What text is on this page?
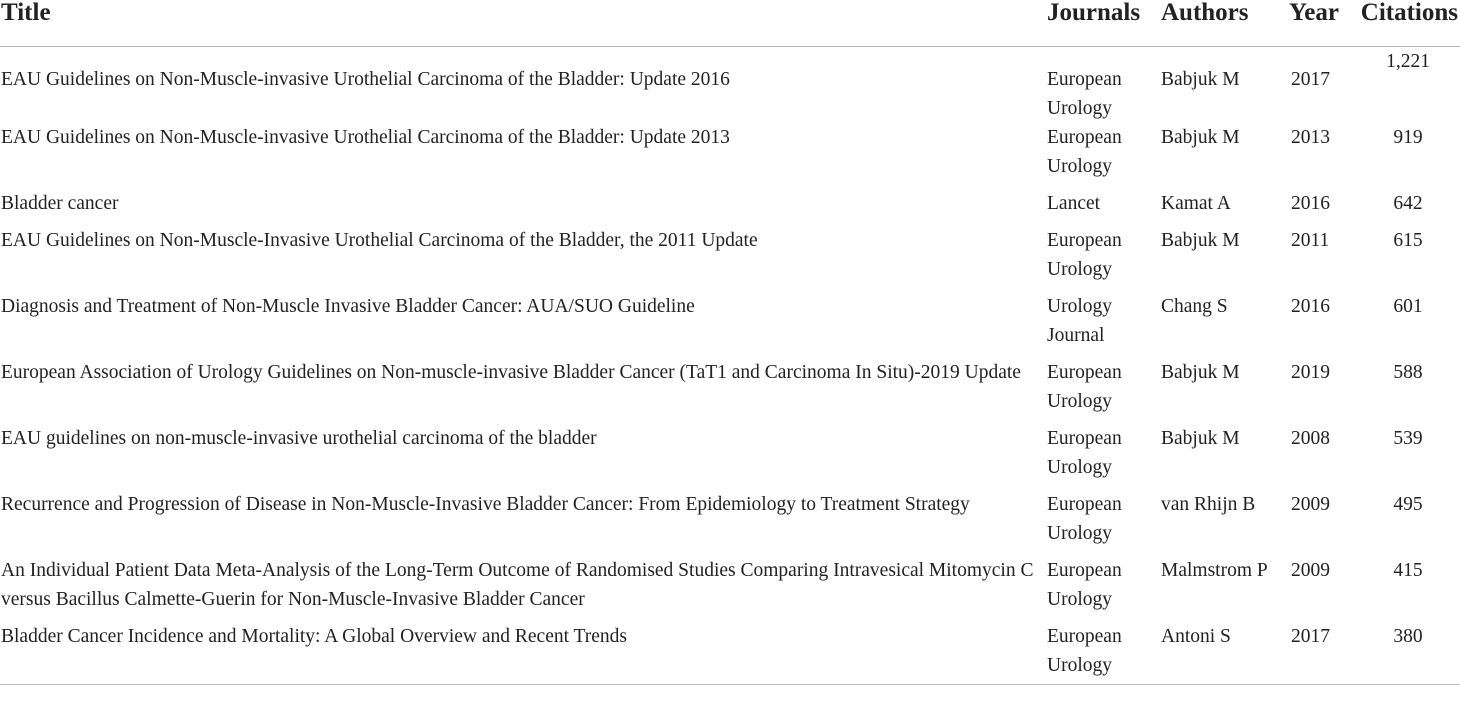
Title	Journals	Authors	Year	Citations
EAU Guidelines on Non-Muscle-invasive Urothelial Carcinoma of the Bladder: Update 2016	European Urology	Babjuk M	2017	1,221
EAU Guidelines on Non-Muscle-invasive Urothelial Carcinoma of the Bladder: Update 2013	European Urology	Babjuk M	2013	919
Bladder cancer	Lancet	Kamat A	2016	642
EAU Guidelines on Non-Muscle-Invasive Urothelial Carcinoma of the Bladder, the 2011 Update	European Urology	Babjuk M	2011	615
Diagnosis and Treatment of Non-Muscle Invasive Bladder Cancer: AUA/SUO Guideline	Urology Journal	Chang S	2016	601
European Association of Urology Guidelines on Non-muscle-invasive Bladder Cancer (TaT1 and Carcinoma In Situ)-2019 Update	European Urology	Babjuk M	2019	588
EAU guidelines on non-muscle-invasive urothelial carcinoma of the bladder	European Urology	Babjuk M	2008	539
Recurrence and Progression of Disease in Non-Muscle-Invasive Bladder Cancer: From Epidemiology to Treatment Strategy	European Urology	van Rhijn B	2009	495
An Individual Patient Data Meta-Analysis of the Long-Term Outcome of Randomised Studies Comparing Intravesical Mitomycin C versus Bacillus Calmette-Guerin for Non-Muscle-Invasive Bladder Cancer	European Urology	Malmstrom P	2009	415
Bladder Cancer Incidence and Mortality: A Global Overview and Recent Trends	European Urology	Antoni S	2017	380
